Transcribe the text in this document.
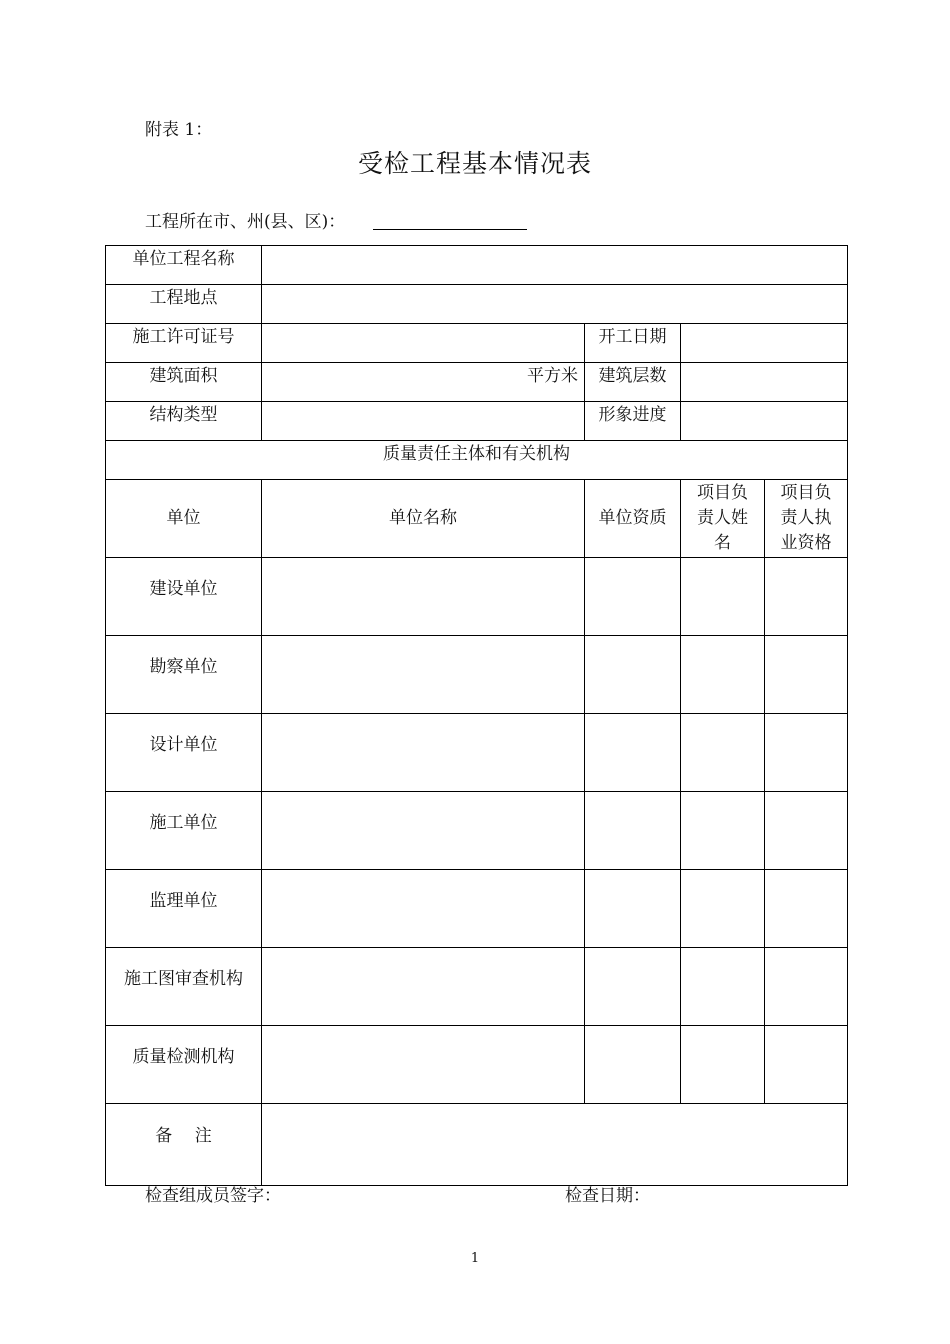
附表 1：
受检工程基本情况表
工程所在市、州(县、区)：
单位工程名称				
工程地点				
施工许可证号		开工日期		
建筑面积	平方米	建筑层数		
结构类型		形象进度		
质量责任主体和有关机构				
单位	单位名称	单位资质	项目负责人姓名	项目负责人执业资格

建设单位				

勘察单位				

设计单位				

施工单位				

监理单位				

施工图审查机构				

质量检测机构				

备　 注				

检查组成员签字：	检查日期：
1
